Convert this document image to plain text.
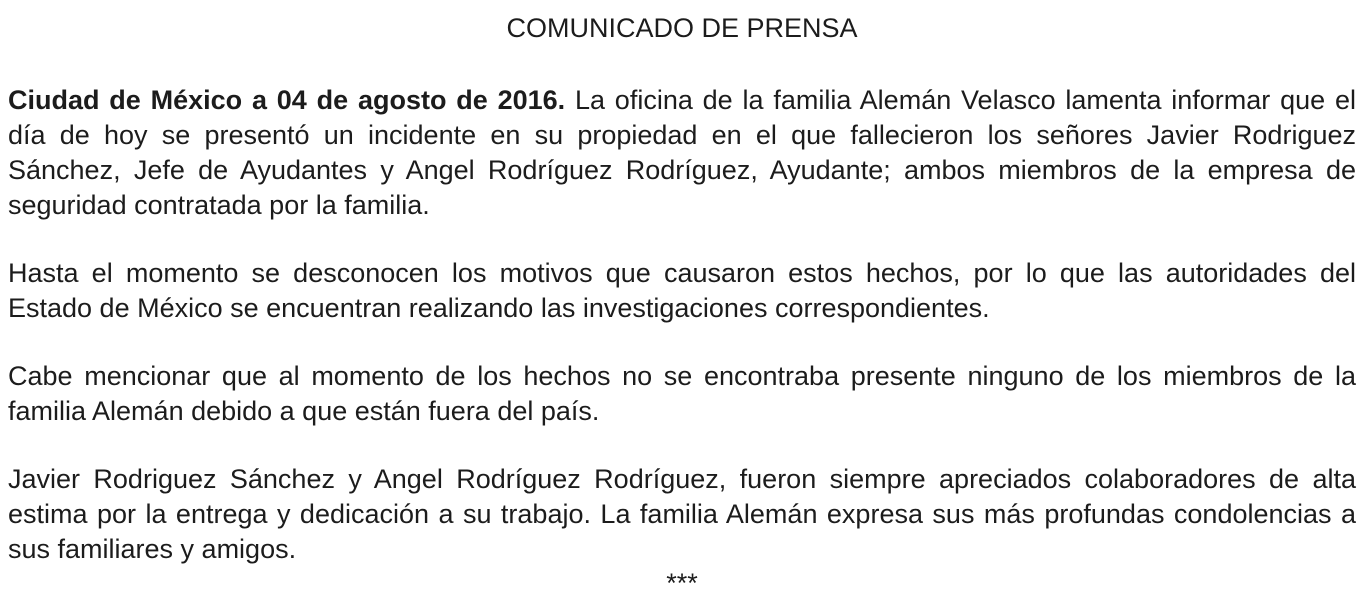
COMUNICADO DE PRENSA

Ciudad de México a 04 de agosto de 2016. La oficina de la familia Alemán Velasco lamenta informar que el día de hoy se presentó un incidente en su propiedad en el que fallecieron los señores Javier Rodriguez Sánchez, Jefe de Ayudantes y Angel Rodríguez Rodríguez, Ayudante; ambos miembros de la empresa de seguridad contratada por la familia.

Hasta el momento se desconocen los motivos que causaron estos hechos, por lo que las autoridades del Estado de México se encuentran realizando las investigaciones correspondientes.

Cabe mencionar que al momento de los hechos no se encontraba presente ninguno de los miembros de la familia Alemán debido a que están fuera del país.

Javier Rodriguez Sánchez y Angel Rodríguez Rodríguez, fueron siempre apreciados colaboradores de alta estima por la entrega y dedicación a su trabajo. La familia Alemán expresa sus más profundas condolencias a sus familiares y amigos.

***
